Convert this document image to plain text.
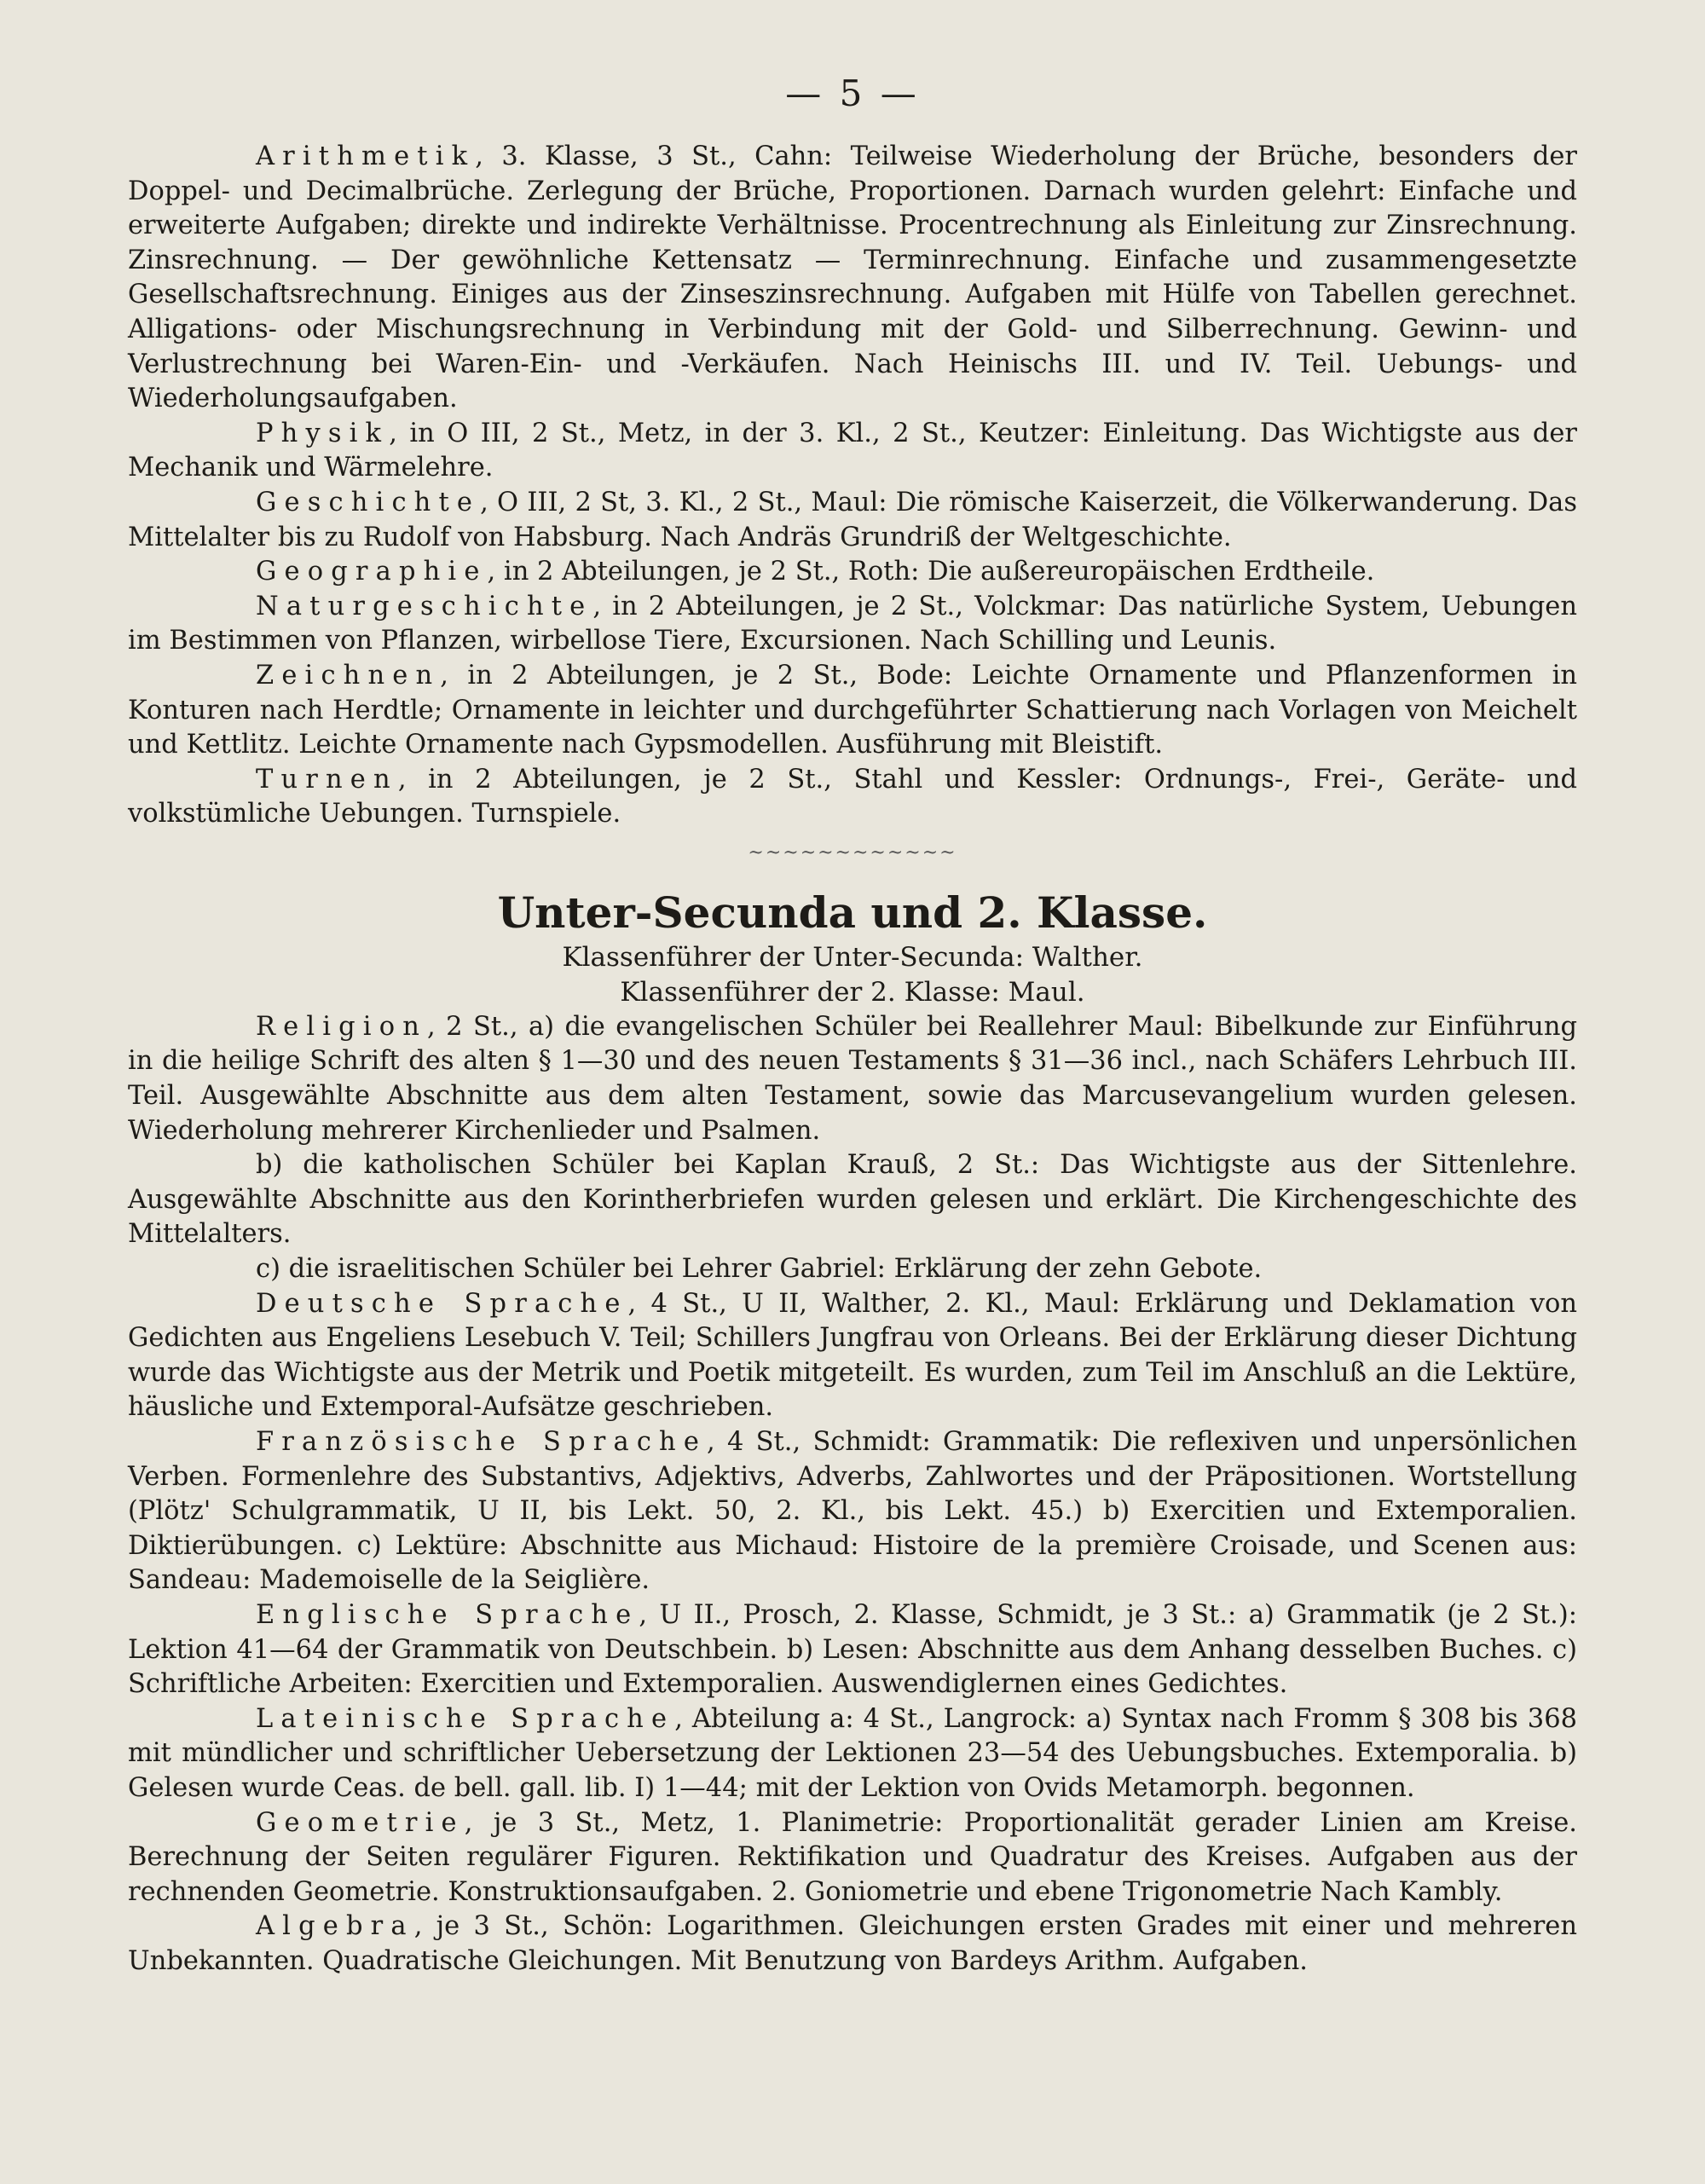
— 5 —

Arithmetik, 3. Klasse, 3 St., Cahn: Teilweise Wiederholung der Brüche, besonders der Doppel- und Decimalbrüche. Zerlegung der Brüche, Proportionen. Darnach wurden gelehrt: Einfache und erweiterte Aufgaben; direkte und indirekte Verhältnisse. Procentrechnung als Einleitung zur Zinsrechnung. Zinsrechnung. — Der gewöhnliche Kettensatz — Terminrechnung. Einfache und zusammengesetzte Gesellschaftsrechnung. Einiges aus der Zinseszinsrechnung. Aufgaben mit Hülfe von Tabellen gerechnet. Alligations- oder Mischungsrechnung in Verbindung mit der Gold- und Silberrechnung. Gewinn- und Verlustrechnung bei Waren-Ein- und -Verkäufen. Nach Heinischs III. und IV. Teil. Uebungs- und Wiederholungsaufgaben.

Physik, in O III, 2 St., Metz, in der 3. Kl., 2 St., Keutzer: Einleitung. Das Wichtigste aus der Mechanik und Wärmelehre.

Geschichte, O III, 2 St, 3. Kl., 2 St., Maul: Die römische Kaiserzeit, die Völkerwanderung. Das Mittelalter bis zu Rudolf von Habsburg. Nach Andräs Grundriß der Weltgeschichte.

Geographie, in 2 Abteilungen, je 2 St., Roth: Die außereuropäischen Erdtheile.

Naturgeschichte, in 2 Abteilungen, je 2 St., Volckmar: Das natürliche System, Uebungen im Bestimmen von Pflanzen, wirbellose Tiere, Excursionen. Nach Schilling und Leunis.

Zeichnen, in 2 Abteilungen, je 2 St., Bode: Leichte Ornamente und Pflanzenformen in Konturen nach Herdtle; Ornamente in leichter und durchgeführter Schattierung nach Vorlagen von Meichelt und Kettlitz. Leichte Ornamente nach Gypsmodellen. Ausführung mit Bleistift.

Turnen, in 2 Abteilungen, je 2 St., Stahl und Kessler: Ordnungs-, Frei-, Geräte- und volkstümliche Uebungen. Turnspiele.

~~~~~~~~~~~~
Unter-Secunda und 2. Klasse.
Klassenführer der Unter-Secunda: Walther.
Klassenführer der 2. Klasse: Maul.

Religion, 2 St., a) die evangelischen Schüler bei Reallehrer Maul: Bibelkunde zur Einführung in die heilige Schrift des alten § 1—30 und des neuen Testaments § 31—36 incl., nach Schäfers Lehrbuch III. Teil. Ausgewählte Abschnitte aus dem alten Testament, sowie das Marcusevangelium wurden gelesen. Wiederholung mehrerer Kirchenlieder und Psalmen.

b) die katholischen Schüler bei Kaplan Krauß, 2 St.: Das Wichtigste aus der Sittenlehre. Ausgewählte Abschnitte aus den Korintherbriefen wurden gelesen und erklärt. Die Kirchengeschichte des Mittelalters.

c) die israelitischen Schüler bei Lehrer Gabriel: Erklärung der zehn Gebote.

Deutsche Sprache, 4 St., U II, Walther, 2. Kl., Maul: Erklärung und Deklamation von Gedichten aus Engeliens Lesebuch V. Teil; Schillers Jungfrau von Orleans. Bei der Erklärung dieser Dichtung wurde das Wichtigste aus der Metrik und Poetik mitgeteilt. Es wurden, zum Teil im Anschluß an die Lektüre, häusliche und Extemporal-Aufsätze geschrieben.

Französische Sprache, 4 St., Schmidt: Grammatik: Die reflexiven und unpersönlichen Verben. Formenlehre des Substantivs, Adjektivs, Adverbs, Zahlwortes und der Präpositionen. Wortstellung (Plötz' Schulgrammatik, U II, bis Lekt. 50, 2. Kl., bis Lekt. 45.) b) Exercitien und Extemporalien. Diktierübungen. c) Lektüre: Abschnitte aus Michaud: Histoire de la première Croisade, und Scenen aus: Sandeau: Mademoiselle de la Seiglière.

Englische Sprache, U II., Prosch, 2. Klasse, Schmidt, je 3 St.: a) Grammatik (je 2 St.): Lektion 41—64 der Grammatik von Deutschbein. b) Lesen: Abschnitte aus dem Anhang desselben Buches. c) Schriftliche Arbeiten: Exercitien und Extemporalien. Auswendiglernen eines Gedichtes.

Lateinische Sprache, Abteilung a: 4 St., Langrock: a) Syntax nach Fromm § 308 bis 368 mit mündlicher und schriftlicher Uebersetzung der Lektionen 23—54 des Uebungsbuches. Extemporalia. b) Gelesen wurde Ceas. de bell. gall. lib. I) 1—44; mit der Lektion von Ovids Metamorph. begonnen.

Geometrie, je 3 St., Metz, 1. Planimetrie: Proportionalität gerader Linien am Kreise. Berechnung der Seiten regulärer Figuren. Rektifikation und Quadratur des Kreises. Aufgaben aus der rechnenden Geometrie. Konstruktionsaufgaben. 2. Goniometrie und ebene Trigonometrie Nach Kambly.

Algebra, je 3 St., Schön: Logarithmen. Gleichungen ersten Grades mit einer und mehreren Unbekannten. Quadratische Gleichungen. Mit Benutzung von Bardeys Arithm. Aufgaben.
